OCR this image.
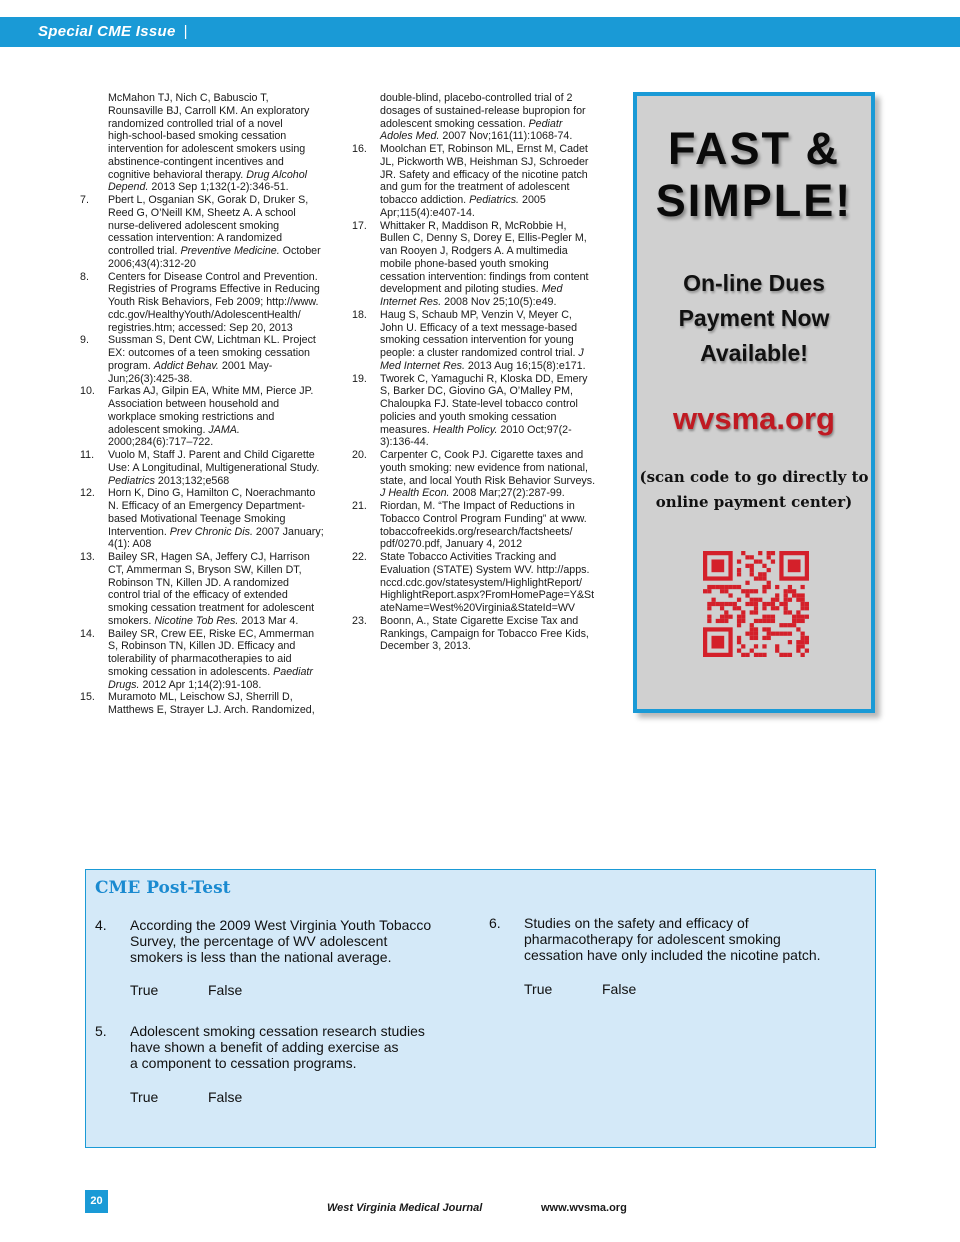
Special CME Issue |
McMahon TJ, Nich C, Babuscio T,
Rounsaville BJ, Carroll KM. An exploratory
randomized controlled trial of a novel
high-school-based smoking cessation
intervention for adolescent smokers using
abstinence-contingent incentives and
cognitive behavioral therapy. Drug Alcohol
Depend. 2013 Sep 1;132(1-2):346-51.
7.	Pbert L, Osganian SK, Gorak D, Druker S,
Reed G, O’Neill KM, Sheetz A. A school
nurse-delivered adolescent smoking
cessation intervention: A randomized
controlled trial. Preventive Medicine. October
2006;43(4):312-20
8.	Centers for Disease Control and Prevention.
Registries of Programs Effective in Reducing
Youth Risk Behaviors, Feb 2009; http://www.
cdc.gov/HealthyYouth/AdolescentHealth/
registries.htm; accessed: Sep 20, 2013
9.	Sussman S, Dent CW, Lichtman KL. Project
EX: outcomes of a teen smoking cessation
program. Addict Behav. 2001 May-
Jun;26(3):425-38.
10.	Farkas AJ, Gilpin EA, White MM, Pierce JP.
Association between household and
workplace smoking restrictions and
adolescent smoking. JAMA.
2000;284(6):717–722.
11.	Vuolo M, Staff J. Parent and Child Cigarette
Use: A Longitudinal, Multigenerational Study.
Pediatrics 2013;132;e568
12.	Horn K, Dino G, Hamilton C, Noerachmanto
N. Efficacy of an Emergency Department-
based Motivational Teenage Smoking
Intervention. Prev Chronic Dis. 2007 January;
4(1): A08
13.	Bailey SR, Hagen SA, Jeffery CJ, Harrison
CT, Ammerman S, Bryson SW, Killen DT,
Robinson TN, Killen JD. A randomized
control trial of the efficacy of extended
smoking cessation treatment for adolescent
smokers. Nicotine Tob Res. 2013 Mar 4.
14.	Bailey SR, Crew EE, Riske EC, Ammerman
S, Robinson TN, Killen JD. Efficacy and
tolerability of pharmacotherapies to aid
smoking cessation in adolescents. Paediatr
Drugs. 2012 Apr 1;14(2):91-108.
15.	Muramoto ML, Leischow SJ, Sherrill D,
Matthews E, Strayer LJ. Arch. Randomized,
double-blind, placebo-controlled trial of 2
dosages of sustained-release bupropion for
adolescent smoking cessation. Pediatr
Adoles Med. 2007 Nov;161(11):1068-74.
16.	Moolchan ET, Robinson ML, Ernst M, Cadet
JL, Pickworth WB, Heishman SJ, Schroeder
JR. Safety and efficacy of the nicotine patch
and gum for the treatment of adolescent
tobacco addiction. Pediatrics. 2005
Apr;115(4):e407-14.
17.	Whittaker R, Maddison R, McRobbie H,
Bullen C, Denny S, Dorey E, Ellis-Pegler M,
van Rooyen J, Rodgers A. A multimedia
mobile phone-based youth smoking
cessation intervention: findings from content
development and piloting studies. Med
Internet Res. 2008 Nov 25;10(5):e49.
18.	Haug S, Schaub MP, Venzin V, Meyer C,
John U. Efficacy of a text message-based
smoking cessation intervention for young
people: a cluster randomized control trial. J
Med Internet Res. 2013 Aug 16;15(8):e171.
19.	Tworek C, Yamaguchi R, Kloska DD, Emery
S, Barker DC, Giovino GA, O’Malley PM,
Chaloupka FJ. State-level tobacco control
policies and youth smoking cessation
measures. Health Policy. 2010 Oct;97(2-
3):136-44.
20.	Carpenter C, Cook PJ. Cigarette taxes and
youth smoking: new evidence from national,
state, and local Youth Risk Behavior Surveys.
J Health Econ. 2008 Mar;27(2):287-99.
21.	Riordan, M. “The Impact of Reductions in
Tobacco Control Program Funding” at www.
tobaccofreekids.org/research/factsheets/
pdf/0270.pdf, January 4, 2012
22.	State Tobacco Activities Tracking and
Evaluation (STATE) System WV. http://apps.
nccd.cdc.gov/statesystem/HighlightReport/
HighlightReport.aspx?FromHomePage=Y&St
ateName=West%20Virginia&StateId=WV
23.	Boonn, A., State Cigarette Excise Tax and
Rankings, Campaign for Tobacco Free Kids,
December 3, 2013.
FAST &
SIMPLE!
On-line Dues
Payment Now
Available!
wvsma.org
(scan code to go directly to
online payment center)
CME Post-Test
4. According the 2009 West Virginia Youth Tobacco
Survey, the percentage of WV adolescent
smokers is less than the national average.
True	False
5. Adolescent smoking cessation research studies
have shown a benefit of adding exercise as
a component to cessation programs.
True	False
6. Studies on the safety and efficacy of
pharmacotherapy for adolescent smoking
cessation have only included the nicotine patch.
True	False
20
West Virginia Medical Journal	www.wvsma.org
